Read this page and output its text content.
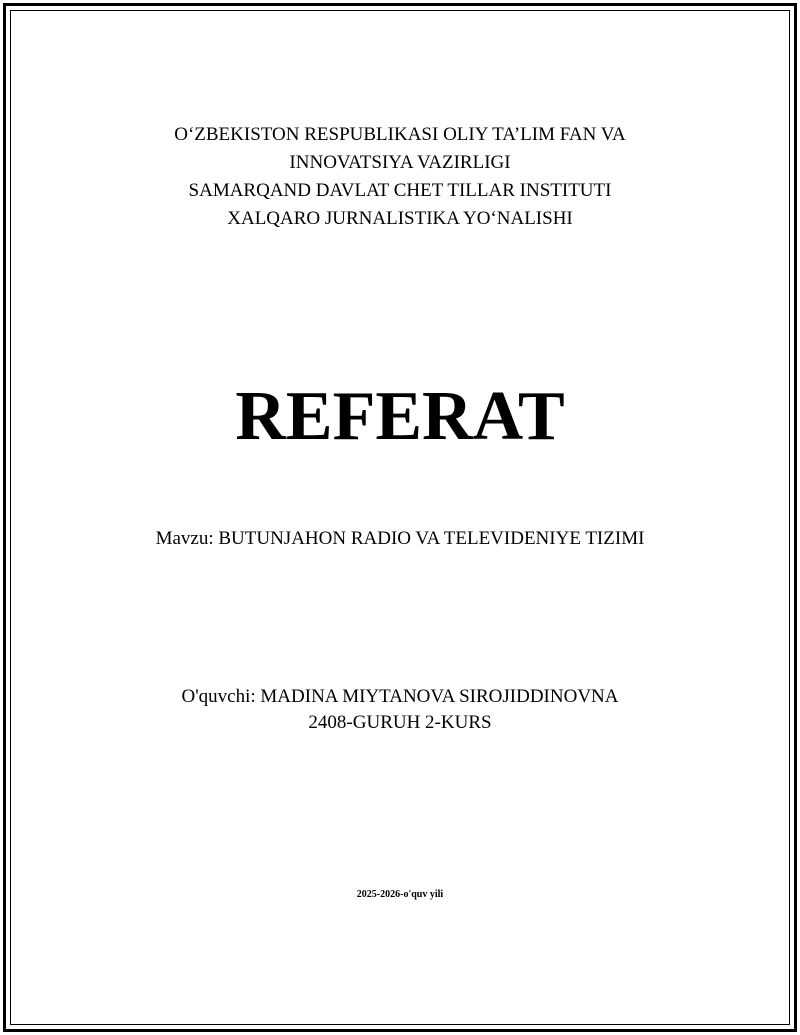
O‘ZBEKISTON RESPUBLIKASI OLIY TA’LIM FAN VA
INNOVATSIYA VAZIRLIGI
SAMARQAND DAVLAT CHET TILLAR INSTITUTI
XALQARO JURNALISTIKA YO‘NALISHI
REFERAT
Mavzu: BUTUNJAHON RADIO VA TELEVIDENIYE TIZIMI
O'quvchi: MADINA MIYTANOVA SIROJIDDINOVNA
2408-GURUH 2-KURS
2025-2026-o'quv yili
